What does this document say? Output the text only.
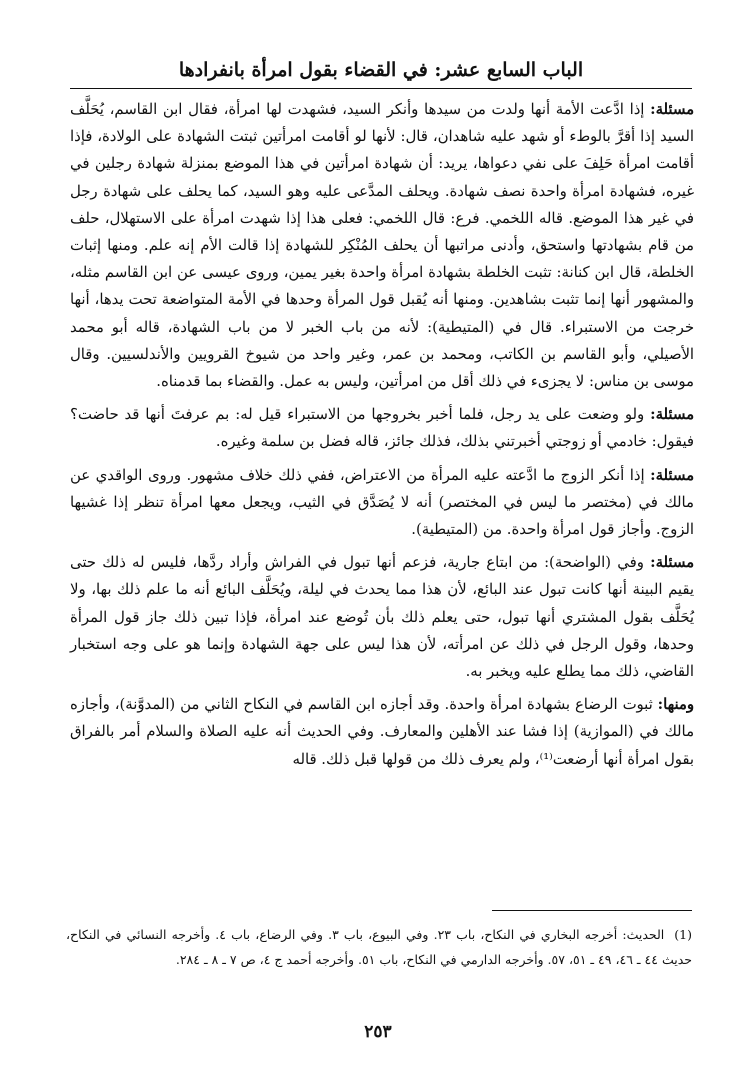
الباب السابع عشر: في القضاء بقول امرأة بانفرادها

مسئلة: إذا ادَّعت الأمة أنها ولدت من سيدها وأنكر السيد، فشهدت لها امرأة، فقال ابن القاسم، يُحَلَّف السيد إذا أقرَّ بالوطء أو شهد عليه شاهدان، قال: لأنها لو أقامت امرأتين ثبتت الشهادة على الولادة، فإذا أقامت امرأة حَلِفَ على نفي دعواها، يريد: أن شهادة امرأتين في هذا الموضع بمنزلة شهادة رجلين في غيره، فشهادة امرأة واحدة نصف شهادة. ويحلف المدَّعى عليه وهو السيد، كما يحلف على شهادة رجل في غير هذا الموضع. قاله اللخمي. فرع: قال اللخمي: فعلى هذا إذا شهدت امرأة على الاستهلال، حلف من قام بشهادتها واستحق، وأدنى مراتبها أن يحلف المُنْكِر للشهادة إذا قالت الأم إنه علم. ومنها إثبات الخلطة، قال ابن كنانة: تثبت الخلطة بشهادة امرأة واحدة بغير يمين، وروى عيسى عن ابن القاسم مثله، والمشهور أنها إنما تثبت بشاهدين. ومنها أنه يُقبل قول المرأة وحدها في الأمة المتواضعة تحت يدها، أنها خرجت من الاستبراء. قال في (المتيطية): لأنه من باب الخبر لا من باب الشهادة، قاله أبو محمد الأصيلي، وأبو القاسم بن الكاتب، ومحمد بن عمر، وغير واحد من شيوخ القرويين والأندلسيين. وقال موسى بن مناس: لا يجزىء في ذلك أقل من امرأتين، وليس به عمل. والقضاء بما قدمناه.

مسئلة: ولو وضعت على يد رجل، فلما أخبر بخروجها من الاستبراء قيل له: بم عرفتَ أنها قد حاضت؟ فيقول: خادمي أو زوجتي أخبرتني بذلك، فذلك جائز، قاله فضل بن سلمة وغيره.

مسئلة: إذا أنكر الزوج ما ادَّعته عليه المرأة من الاعتراض، ففي ذلك خلاف مشهور. وروى الواقدي عن مالك في (مختصر ما ليس في المختصر) أنه لا يُصَدَّق في الثيب، ويجعل معها امرأة تنظر إذا غشيها الزوج. وأجاز قول امرأة واحدة. من (المتيطية).

مسئلة: وفي (الواضحة): من ابتاع جارية، فزعم أنها تبول في الفراش وأراد ردَّها، فليس له ذلك حتى يقيم البينة أنها كانت تبول عند البائع، لأن هذا مما يحدث في ليلة، ويُحَلَّف البائع أنه ما علم ذلك بها، ولا يُحَلَّف بقول المشتري أنها تبول، حتى يعلم ذلك بأن تُوضع عند امرأة، فإذا تبين ذلك جاز قول المرأة وحدها، وقول الرجل في ذلك عن امرأته، لأن هذا ليس على جهة الشهادة وإنما هو على وجه استخبار القاضي، ذلك مما يطلع عليه ويخبر به.

ومنها: ثبوت الرضاع بشهادة امرأة واحدة. وقد أجازه ابن القاسم في النكاح الثاني من (المدوَّنة)، وأجازه مالك في (الموازية) إذا فشا عند الأهلين والمعارف. وفي الحديث أنه عليه الصلاة والسلام أمر بالفراق بقول امرأة أنها أرضعت⁽¹⁾، ولم يعرف ذلك من قولها قبل ذلك. قاله

(1)الحديث: أخرجه البخاري في النكاح، باب ٢٣. وفي البيوع، باب ٣. وفي الرضاع، باب ٤. وأخرجه النسائي في النكاح، حديث ٤٤ ـ ٤٦، ٤٩ ـ ٥١، ٥٧. وأخرجه الدارمي في النكاح، باب ٥١. وأخرجه أحمد ج ٤، ص ٧ ـ ٨ ـ ٢٨٤.
٢٥٣
